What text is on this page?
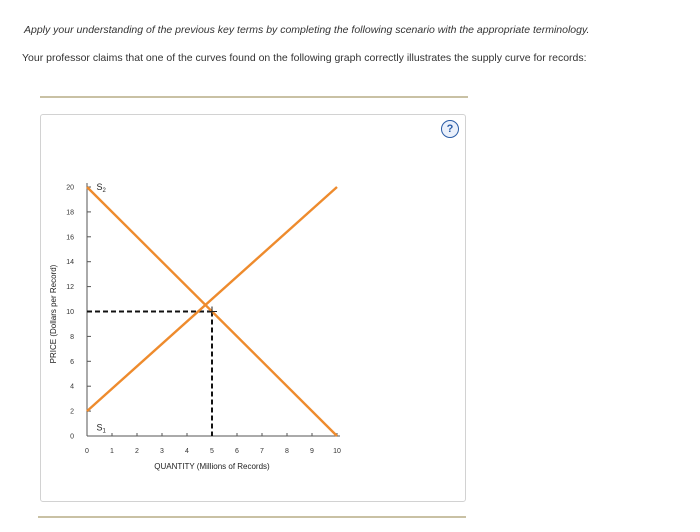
Apply your understanding of the previous key terms by completing the following scenario with the appropriate terminology.
Your professor claims that one of the curves found on the following graph correctly illustrates the supply curve for records:
?
PRICE (Dollars per Record)
QUANTITY (Millions of Records)
0
2
4
6
8
10
12
14
16
18
20
0	1	2	3	4	5	6	7	8	9	10
$S_1$
$S_2$
